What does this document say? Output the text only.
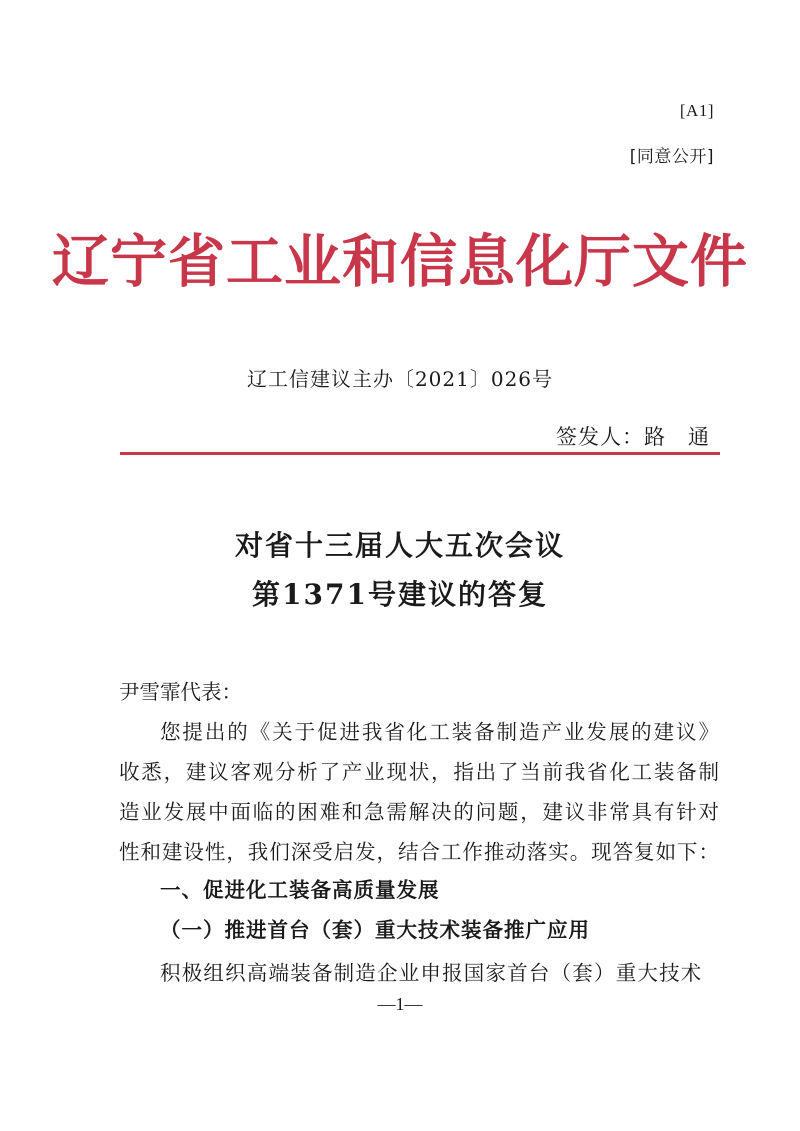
[A1]
[同意公开]
辽宁省工业和信息化厅文件
辽工信建议主办〔2021〕026号
签发人：路　通
对省十三届人大五次会议
第1371号建议的答复
尹雪霏代表：
您提出的《关于促进我省化工装备制造产业发展的建议》
收悉，建议客观分析了产业现状，指出了当前我省化工装备制
造业发展中面临的困难和急需解决的问题，建议非常具有针对
性和建设性，我们深受启发，结合工作推动落实。现答复如下：
一、促进化工装备高质量发展
（一）推进首台（套）重大技术装备推广应用
积极组织高端装备制造企业申报国家首台（套）重大技术
—1—
